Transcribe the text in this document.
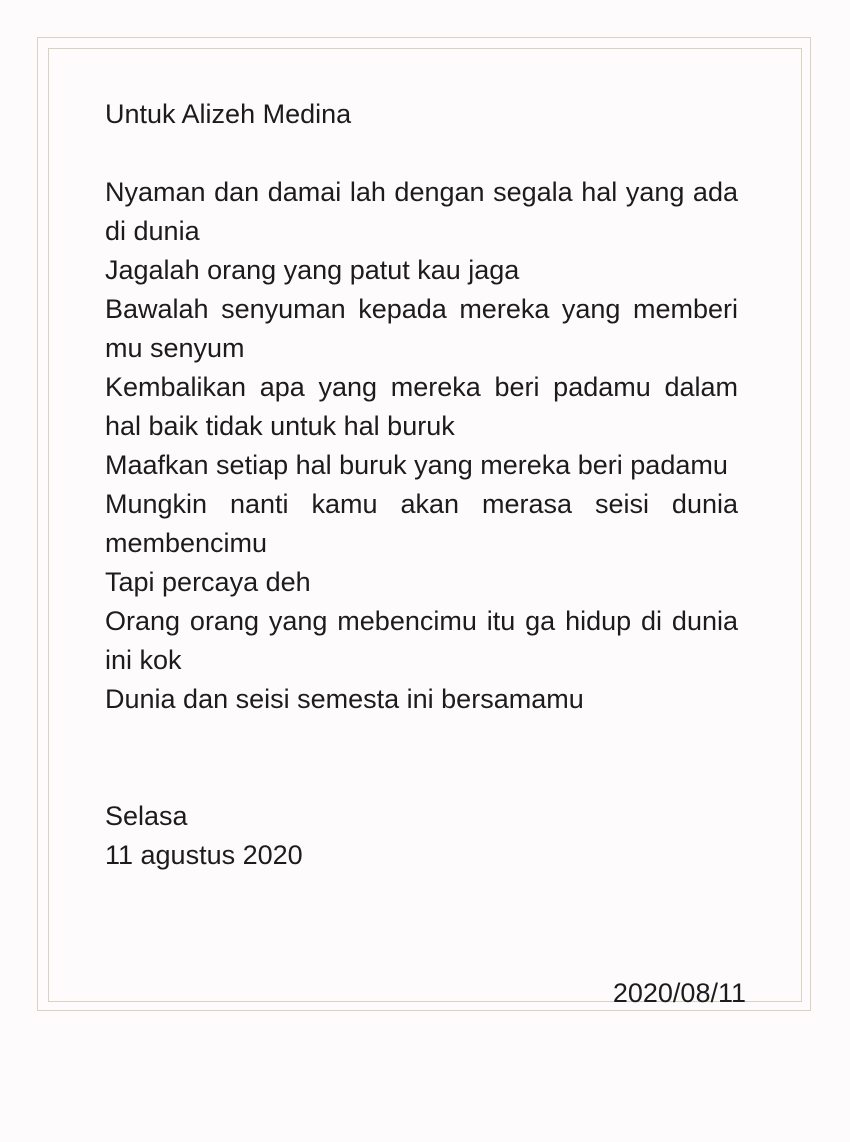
Untuk Alizeh Medina

Nyaman dan damai lah dengan segala hal yang ada di dunia

Jagalah orang yang patut kau jaga

Bawalah senyuman kepada mereka yang memberi mu senyum

Kembalikan apa yang mereka beri padamu dalam hal baik tidak untuk hal buruk

Maafkan setiap hal buruk yang mereka beri padamu

Mungkin nanti kamu akan merasa seisi dunia membencimu

Tapi percaya deh

Orang orang yang mebencimu itu ga hidup di dunia ini kok

Dunia dan seisi semesta ini bersamamu

Selasa

11 agustus 2020

2020/08/11
